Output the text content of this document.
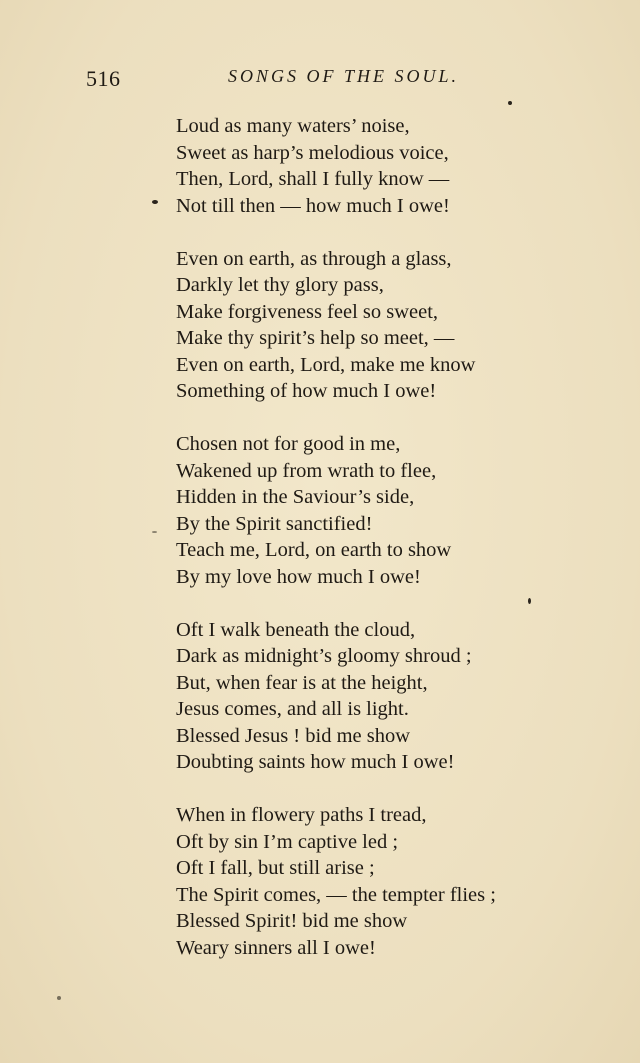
516	SONGS OF THE SOUL.
Loud as many waters’ noise,
Sweet as harp’s melodious voice,
Then, Lord, shall I fully know —
Not till then — how much I owe!
Even on earth, as through a glass,
Darkly let thy glory pass,
Make forgiveness feel so sweet,
Make thy spirit’s help so meet, —
Even on earth, Lord, make me know
Something of how much I owe!
Chosen not for good in me,
Wakened up from wrath to flee,
Hidden in the Saviour’s side,
By the Spirit sanctified!
Teach me, Lord, on earth to show
By my love how much I owe!
Oft I walk beneath the cloud,
Dark as midnight’s gloomy shroud ;
But, when fear is at the height,
Jesus comes, and all is light.
Blessed Jesus ! bid me show
Doubting saints how much I owe!
When in flowery paths I tread,
Oft by sin I’m captive led ;
Oft I fall, but still arise ;
The Spirit comes, — the tempter flies ;
Blessed Spirit! bid me show
Weary sinners all I owe!
